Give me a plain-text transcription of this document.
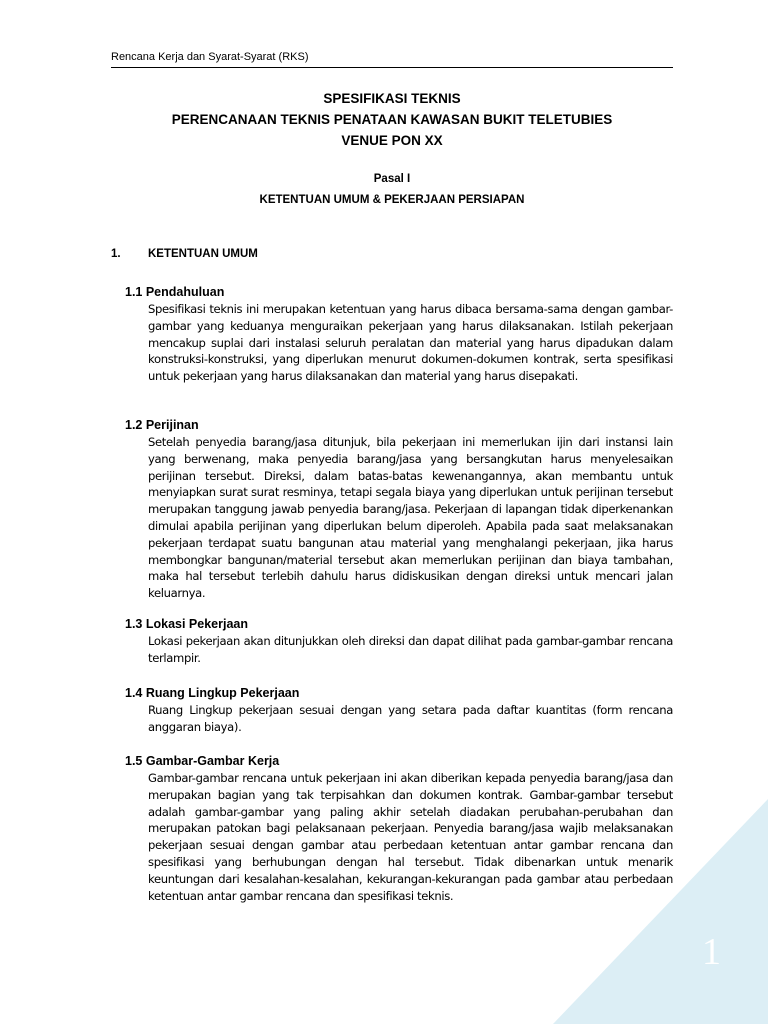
Rencana Kerja dan Syarat-Syarat (RKS)
SPESIFIKASI TEKNIS
PERENCANAAN TEKNIS PENATAAN KAWASAN BUKIT TELETUBIES
VENUE PON XX
Pasal I
KETENTUAN UMUM & PEKERJAAN PERSIAPAN
1. KETENTUAN UMUM

1.1 Pendahuluan

Spesifikasi teknis ini merupakan ketentuan yang harus dibaca bersama-sama dengan gambar-gambar yang keduanya menguraikan pekerjaan yang harus dilaksanakan. Istilah pekerjaan mencakup suplai dari instalasi seluruh peralatan dan material yang harus dipadukan dalam konstruksi-konstruksi, yang diperlukan menurut dokumen-dokumen kontrak, serta spesifikasi untuk pekerjaan yang harus dilaksanakan dan material yang harus disepakati.

1.2 Perijinan

Setelah penyedia barang/jasa ditunjuk, bila pekerjaan ini memerlukan ijin dari instansi lain yang berwenang, maka penyedia barang/jasa yang bersangkutan harus menyelesaikan perijinan tersebut. Direksi, dalam batas-batas kewenangannya, akan membantu untuk menyiapkan surat surat resminya, tetapi segala biaya yang diperlukan untuk perijinan tersebut merupakan tanggung jawab penyedia barang/jasa. Pekerjaan di lapangan tidak diperkenankan dimulai apabila perijinan yang diperlukan belum diperoleh. Apabila pada saat melaksanakan pekerjaan terdapat suatu bangunan atau material yang menghalangi pekerjaan, jika harus membongkar bangunan/material tersebut akan memerlukan perijinan dan biaya tambahan, maka hal tersebut terlebih dahulu harus didiskusikan dengan direksi untuk mencari jalan keluarnya.

1.3 Lokasi Pekerjaan

Lokasi pekerjaan akan ditunjukkan oleh direksi dan dapat dilihat pada gambar-gambar rencana terlampir.

1.4 Ruang Lingkup Pekerjaan

Ruang Lingkup pekerjaan sesuai dengan yang setara pada daftar kuantitas (form rencana anggaran biaya).

1.5 Gambar-Gambar Kerja

Gambar-gambar rencana untuk pekerjaan ini akan diberikan kepada penyedia barang/jasa dan merupakan bagian yang tak terpisahkan dan dokumen kontrak. Gambar-gambar tersebut adalah gambar-gambar yang paling akhir setelah diadakan perubahan-perubahan dan merupakan patokan bagi pelaksanaan pekerjaan. Penyedia barang/jasa wajib melaksanakan pekerjaan sesuai dengan gambar atau perbedaan ketentuan antar gambar rencana dan spesifikasi yang berhubungan dengan hal tersebut. Tidak dibenarkan untuk menarik keuntungan dari kesalahan-kesalahan, kekurangan-kekurangan pada gambar atau perbedaan ketentuan antar gambar rencana dan spesifikasi teknis.

1
